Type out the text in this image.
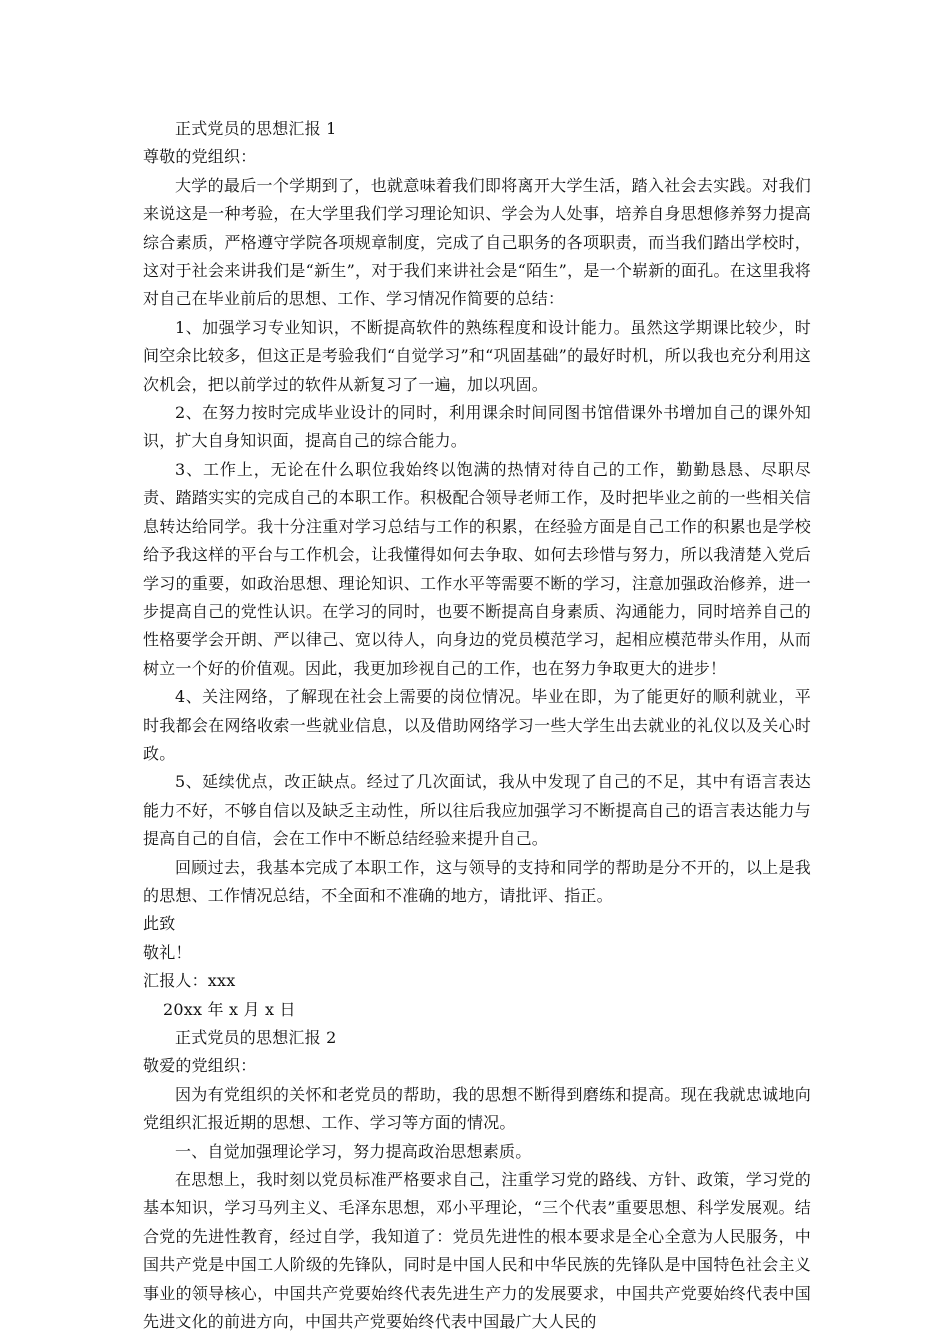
正式党员的思想汇报 1

尊敬的党组织：

大学的最后一个学期到了，也就意味着我们即将离开大学生活，踏入社会去实践。对我们来说这是一种考验，在大学里我们学习理论知识、学会为人处事，培养自身思想修养努力提高综合素质，严格遵守学院各项规章制度，完成了自己职务的各项职责，而当我们踏出学校时，这对于社会来讲我们是“新生”，对于我们来讲社会是“陌生”，是一个崭新的面孔。在这里我将对自己在毕业前后的思想、工作、学习情况作简要的总结：

1、加强学习专业知识，不断提高软件的熟练程度和设计能力。虽然这学期课比较少，时间空余比较多，但这正是考验我们“自觉学习”和“巩固基础”的最好时机，所以我也充分利用这次机会，把以前学过的软件从新复习了一遍，加以巩固。

2、在努力按时完成毕业设计的同时，利用课余时间同图书馆借课外书增加自己的课外知识，扩大自身知识面，提高自己的综合能力。

3、工作上，无论在什么职位我始终以饱满的热情对待自己的工作，勤勤恳恳、尽职尽责、踏踏实实的完成自己的本职工作。积极配合领导老师工作，及时把毕业之前的一些相关信息转达给同学。我十分注重对学习总结与工作的积累，在经验方面是自己工作的积累也是学校给予我这样的平台与工作机会，让我懂得如何去争取、如何去珍惜与努力，所以我清楚入党后学习的重要，如政治思想、理论知识、工作水平等需要不断的学习，注意加强政治修养，进一步提高自己的党性认识。在学习的同时，也要不断提高自身素质、沟通能力，同时培养自己的性格要学会开朗、严以律己、宽以待人，向身边的党员模范学习，起相应模范带头作用，从而树立一个好的价值观。因此，我更加珍视自己的工作，也在努力争取更大的进步！

4、关注网络，了解现在社会上需要的岗位情况。毕业在即，为了能更好的顺利就业，平时我都会在网络收索一些就业信息，以及借助网络学习一些大学生出去就业的礼仪以及关心时政。

5、延续优点，改正缺点。经过了几次面试，我从中发现了自己的不足，其中有语言表达能力不好，不够自信以及缺乏主动性，所以往后我应加强学习不断提高自己的语言表达能力与提高自己的自信，会在工作中不断总结经验来提升自己。

回顾过去，我基本完成了本职工作，这与领导的支持和同学的帮助是分不开的，以上是我的思想、工作情况总结，不全面和不准确的地方，请批评、指正。

此致

敬礼！

汇报人：xxx

20xx 年 x 月 x 日

正式党员的思想汇报 2

敬爱的党组织：

因为有党组织的关怀和老党员的帮助，我的思想不断得到磨练和提高。现在我就忠诚地向党组织汇报近期的思想、工作、学习等方面的情况。

一、自觉加强理论学习，努力提高政治思想素质。

在思想上，我时刻以党员标准严格要求自己，注重学习党的路线、方针、政策，学习党的基本知识，学习马列主义、毛泽东思想，邓小平理论，“三个代表”重要思想、科学发展观。结合党的先进性教育，经过自学，我知道了：党员先进性的根本要求是全心全意为人民服务，中国共产党是中国工人阶级的先锋队，同时是中国人民和中华民族的先锋队是中国特色社会主义事业的领导核心，中国共产党要始终代表先进生产力的发展要求，中国共产党要始终代表中国先进文化的前进方向，中国共产党要始终代表中国最广大人民的
